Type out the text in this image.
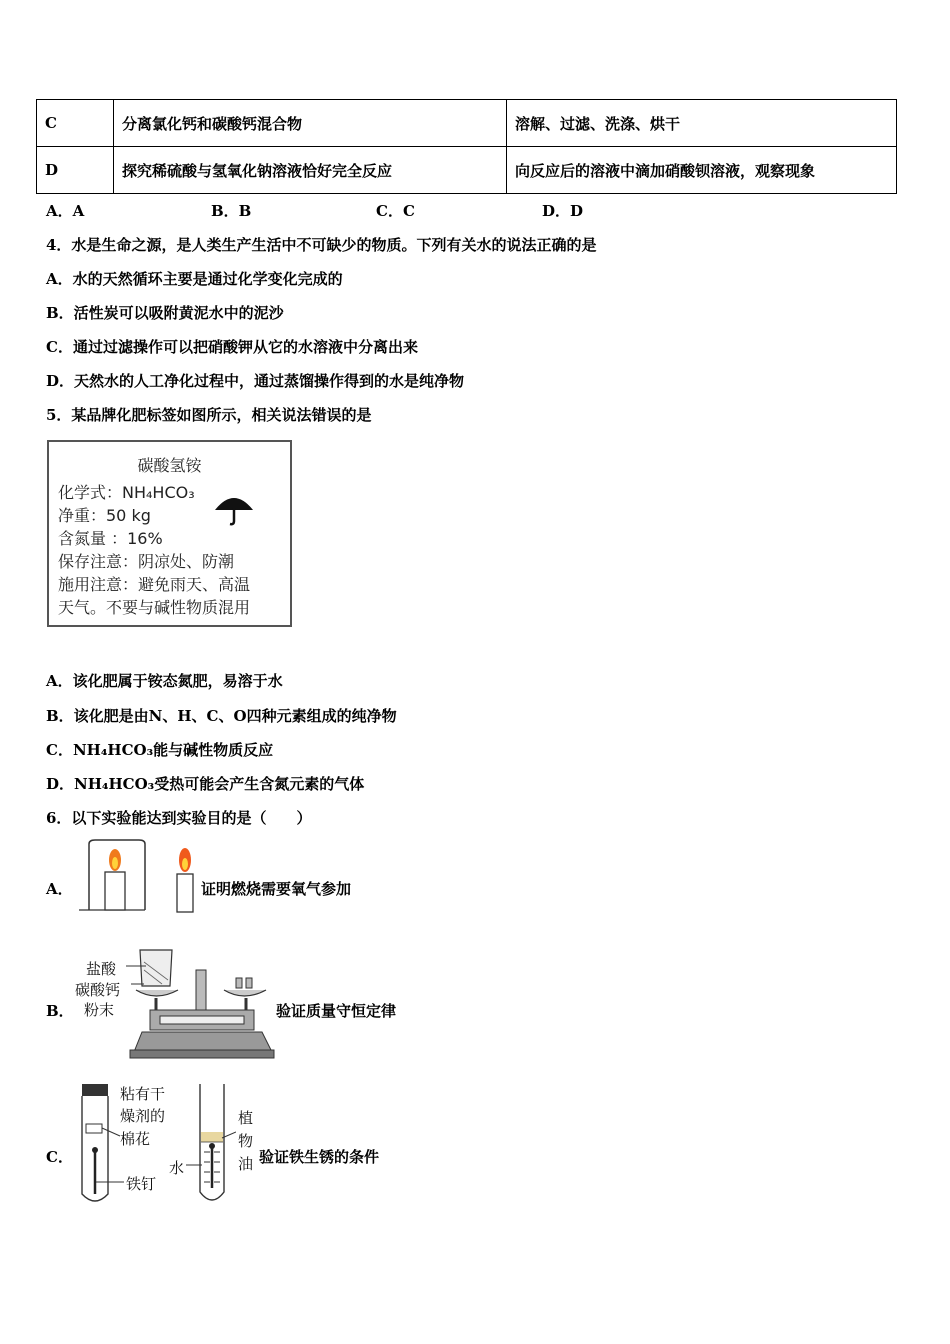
C	分离氯化钙和碳酸钙混合物	溶解、过滤、洗涤、烘干
D	探究稀硫酸与氢氧化钠溶液恰好完全反应	向反应后的溶液中滴加硝酸钡溶液，观察现象
A．A	B．B	C．C	D．D
4．水是生命之源，是人类生产生活中不可缺少的物质。下列有关水的说法正确的是
A．水的天然循环主要是通过化学变化完成的
B．活性炭可以吸附黄泥水中的泥沙
C．通过过滤操作可以把硝酸钾从它的水溶液中分离出来
D．天然水的人工净化过程中，通过蒸馏操作得到的水是纯净物
5．某品牌化肥标签如图所示，相关说法错误的是
碳酸氢铵
化学式：NH₄HCO₃
净重：50 kg
含氮量 ：16%
保存注意：阴凉处、防潮
施用注意：避免雨天、高温
天气。不要与碱性物质混用
A．该化肥属于铵态氮肥，易溶于水
B．该化肥是由N、H、C、O四种元素组成的纯净物
C．NH₄HCO₃能与碱性物质反应
D．NH₄HCO₃受热可能会产生含氮元素的气体
6．以下实验能达到实验目的是（　　）
A．	证明燃烧需要氧气参加
B．
盐酸
碳酸钙
粉末	验证质量守恒定律
C．
粘有干
燥剂的
棉花
铁钉
水
植
物
油 验证铁生锈的条件
